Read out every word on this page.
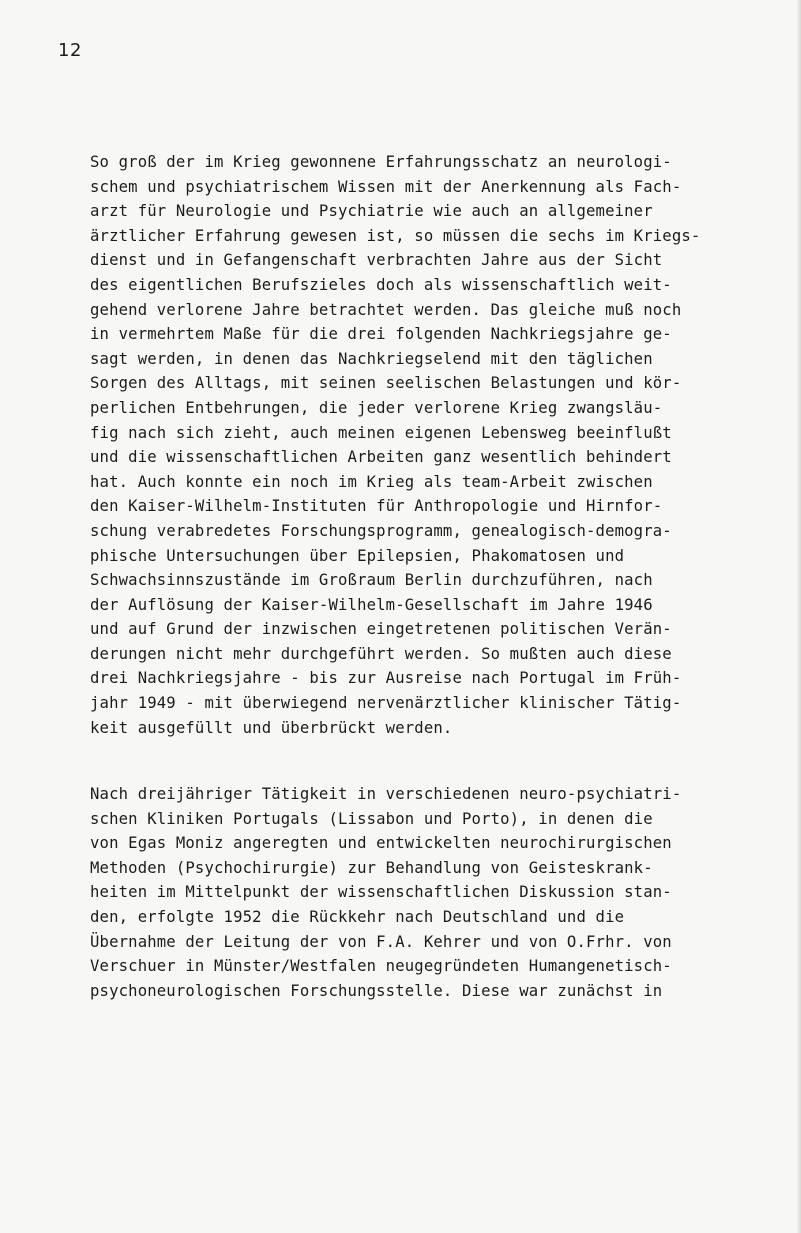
12
So groß der im Krieg gewonnene Erfahrungsschatz an neurologi-
schem und psychiatrischem Wissen mit der Anerkennung als Fach-
arzt für Neurologie und Psychiatrie wie auch an allgemeiner
ärztlicher Erfahrung gewesen ist, so müssen die sechs im Kriegs-
dienst und in Gefangenschaft verbrachten Jahre aus der Sicht
des eigentlichen Berufszieles doch als wissenschaftlich weit-
gehend verlorene Jahre betrachtet werden. Das gleiche muß noch
in vermehrtem Maße für die drei folgenden Nachkriegsjahre ge-
sagt werden, in denen das Nachkriegselend mit den täglichen
Sorgen des Alltags, mit seinen seelischen Belastungen und kör-
perlichen Entbehrungen, die jeder verlorene Krieg zwangsläu-
fig nach sich zieht, auch meinen eigenen Lebensweg beeinflußt
und die wissenschaftlichen Arbeiten ganz wesentlich behindert
hat. Auch konnte ein noch im Krieg als team-Arbeit zwischen
den Kaiser-Wilhelm-Instituten für Anthropologie und Hirnfor-
schung verabredetes Forschungsprogramm, genealogisch-demogra-
phische Untersuchungen über Epilepsien, Phakomatosen und
Schwachsinnszustände im Großraum Berlin durchzuführen, nach
der Auflösung der Kaiser-Wilhelm-Gesellschaft im Jahre 1946
und auf Grund der inzwischen eingetretenen politischen Verän-
derungen nicht mehr durchgeführt werden. So mußten auch diese
drei Nachkriegsjahre - bis zur Ausreise nach Portugal im Früh-
jahr 1949 - mit überwiegend nervenärztlicher klinischer Tätig-
keit ausgefüllt und überbrückt werden.
Nach dreijähriger Tätigkeit in verschiedenen neuro-psychiatri-
schen Kliniken Portugals (Lissabon und Porto), in denen die
von Egas Moniz angeregten und entwickelten neurochirurgischen
Methoden (Psychochirurgie) zur Behandlung von Geisteskrank-
heiten im Mittelpunkt der wissenschaftlichen Diskussion stan-
den, erfolgte 1952 die Rückkehr nach Deutschland und die
Übernahme der Leitung der von F.A. Kehrer und von O.Frhr. von
Verschuer in Münster/Westfalen neugegründeten Humangenetisch-
psychoneurologischen Forschungsstelle. Diese war zunächst in
